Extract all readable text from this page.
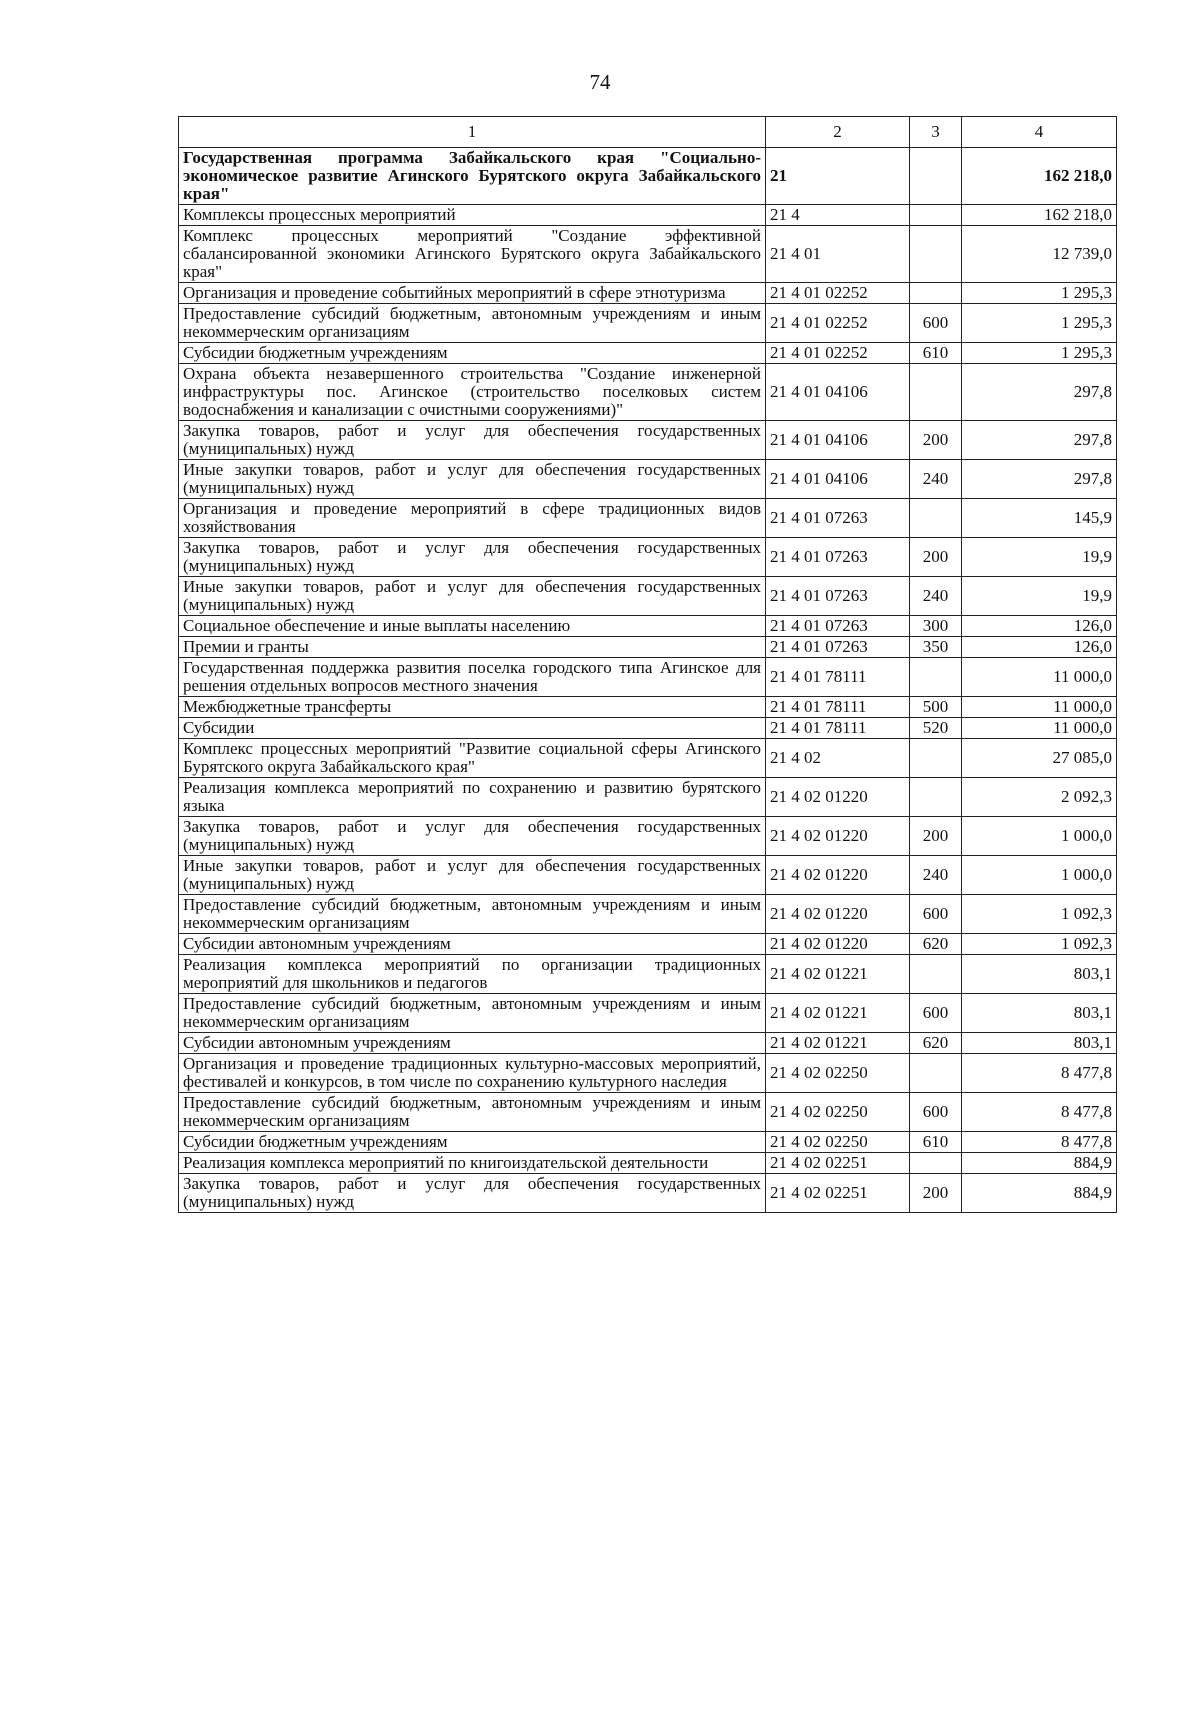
74
1	2	3	4
Государственная программа Забайкальского края "Социально-экономическое развитие Агинского Бурятского округа Забайкальского края"	21		162 218,0
Комплексы процессных мероприятий	21 4		162 218,0
Комплекс процессных мероприятий "Создание эффективной сбалансированной экономики Агинского Бурятского округа Забайкальского края"	21 4 01		12 739,0
Организация и проведение событийных мероприятий в сфере этнотуризма	21 4 01 02252		1 295,3
Предоставление субсидий бюджетным, автономным учреждениям и иным некоммерческим организациям	21 4 01 02252	600	1 295,3
Субсидии бюджетным учреждениям	21 4 01 02252	610	1 295,3
Охрана объекта незавершенного строительства "Создание инженерной инфраструктуры пос. Агинское (строительство поселковых систем водоснабжения и канализации с очистными сооружениями)"	21 4 01 04106		297,8
Закупка товаров, работ и услуг для обеспечения государственных (муниципальных) нужд	21 4 01 04106	200	297,8
Иные закупки товаров, работ и услуг для обеспечения государственных (муниципальных) нужд	21 4 01 04106	240	297,8
Организация и проведение мероприятий в сфере традиционных видов хозяйствования	21 4 01 07263		145,9
Закупка товаров, работ и услуг для обеспечения государственных (муниципальных) нужд	21 4 01 07263	200	19,9
Иные закупки товаров, работ и услуг для обеспечения государственных (муниципальных) нужд	21 4 01 07263	240	19,9
Социальное обеспечение и иные выплаты населению	21 4 01 07263	300	126,0
Премии и гранты	21 4 01 07263	350	126,0
Государственная поддержка развития поселка городского типа Агинское для решения отдельных вопросов местного значения	21 4 01 78111		11 000,0
Межбюджетные трансферты	21 4 01 78111	500	11 000,0
Субсидии	21 4 01 78111	520	11 000,0
Комплекс процессных мероприятий "Развитие социальной сферы Агинского Бурятского округа Забайкальского края"	21 4 02		27 085,0
Реализация комплекса мероприятий по сохранению и развитию бурятского языка	21 4 02 01220		2 092,3
Закупка товаров, работ и услуг для обеспечения государственных (муниципальных) нужд	21 4 02 01220	200	1 000,0
Иные закупки товаров, работ и услуг для обеспечения государственных (муниципальных) нужд	21 4 02 01220	240	1 000,0
Предоставление субсидий бюджетным, автономным учреждениям и иным некоммерческим организациям	21 4 02 01220	600	1 092,3
Субсидии автономным учреждениям	21 4 02 01220	620	1 092,3
Реализация комплекса мероприятий по организации традиционных мероприятий для школьников и педагогов	21 4 02 01221		803,1
Предоставление субсидий бюджетным, автономным учреждениям и иным некоммерческим организациям	21 4 02 01221	600	803,1
Субсидии автономным учреждениям	21 4 02 01221	620	803,1
Организация и проведение традиционных культурно-массовых мероприятий, фестивалей и конкурсов, в том числе по сохранению культурного наследия	21 4 02 02250		8 477,8
Предоставление субсидий бюджетным, автономным учреждениям и иным некоммерческим организациям	21 4 02 02250	600	8 477,8
Субсидии бюджетным учреждениям	21 4 02 02250	610	8 477,8
Реализация комплекса мероприятий по книгоиздательской деятельности	21 4 02 02251		884,9
Закупка товаров, работ и услуг для обеспечения государственных (муниципальных) нужд	21 4 02 02251	200	884,9
